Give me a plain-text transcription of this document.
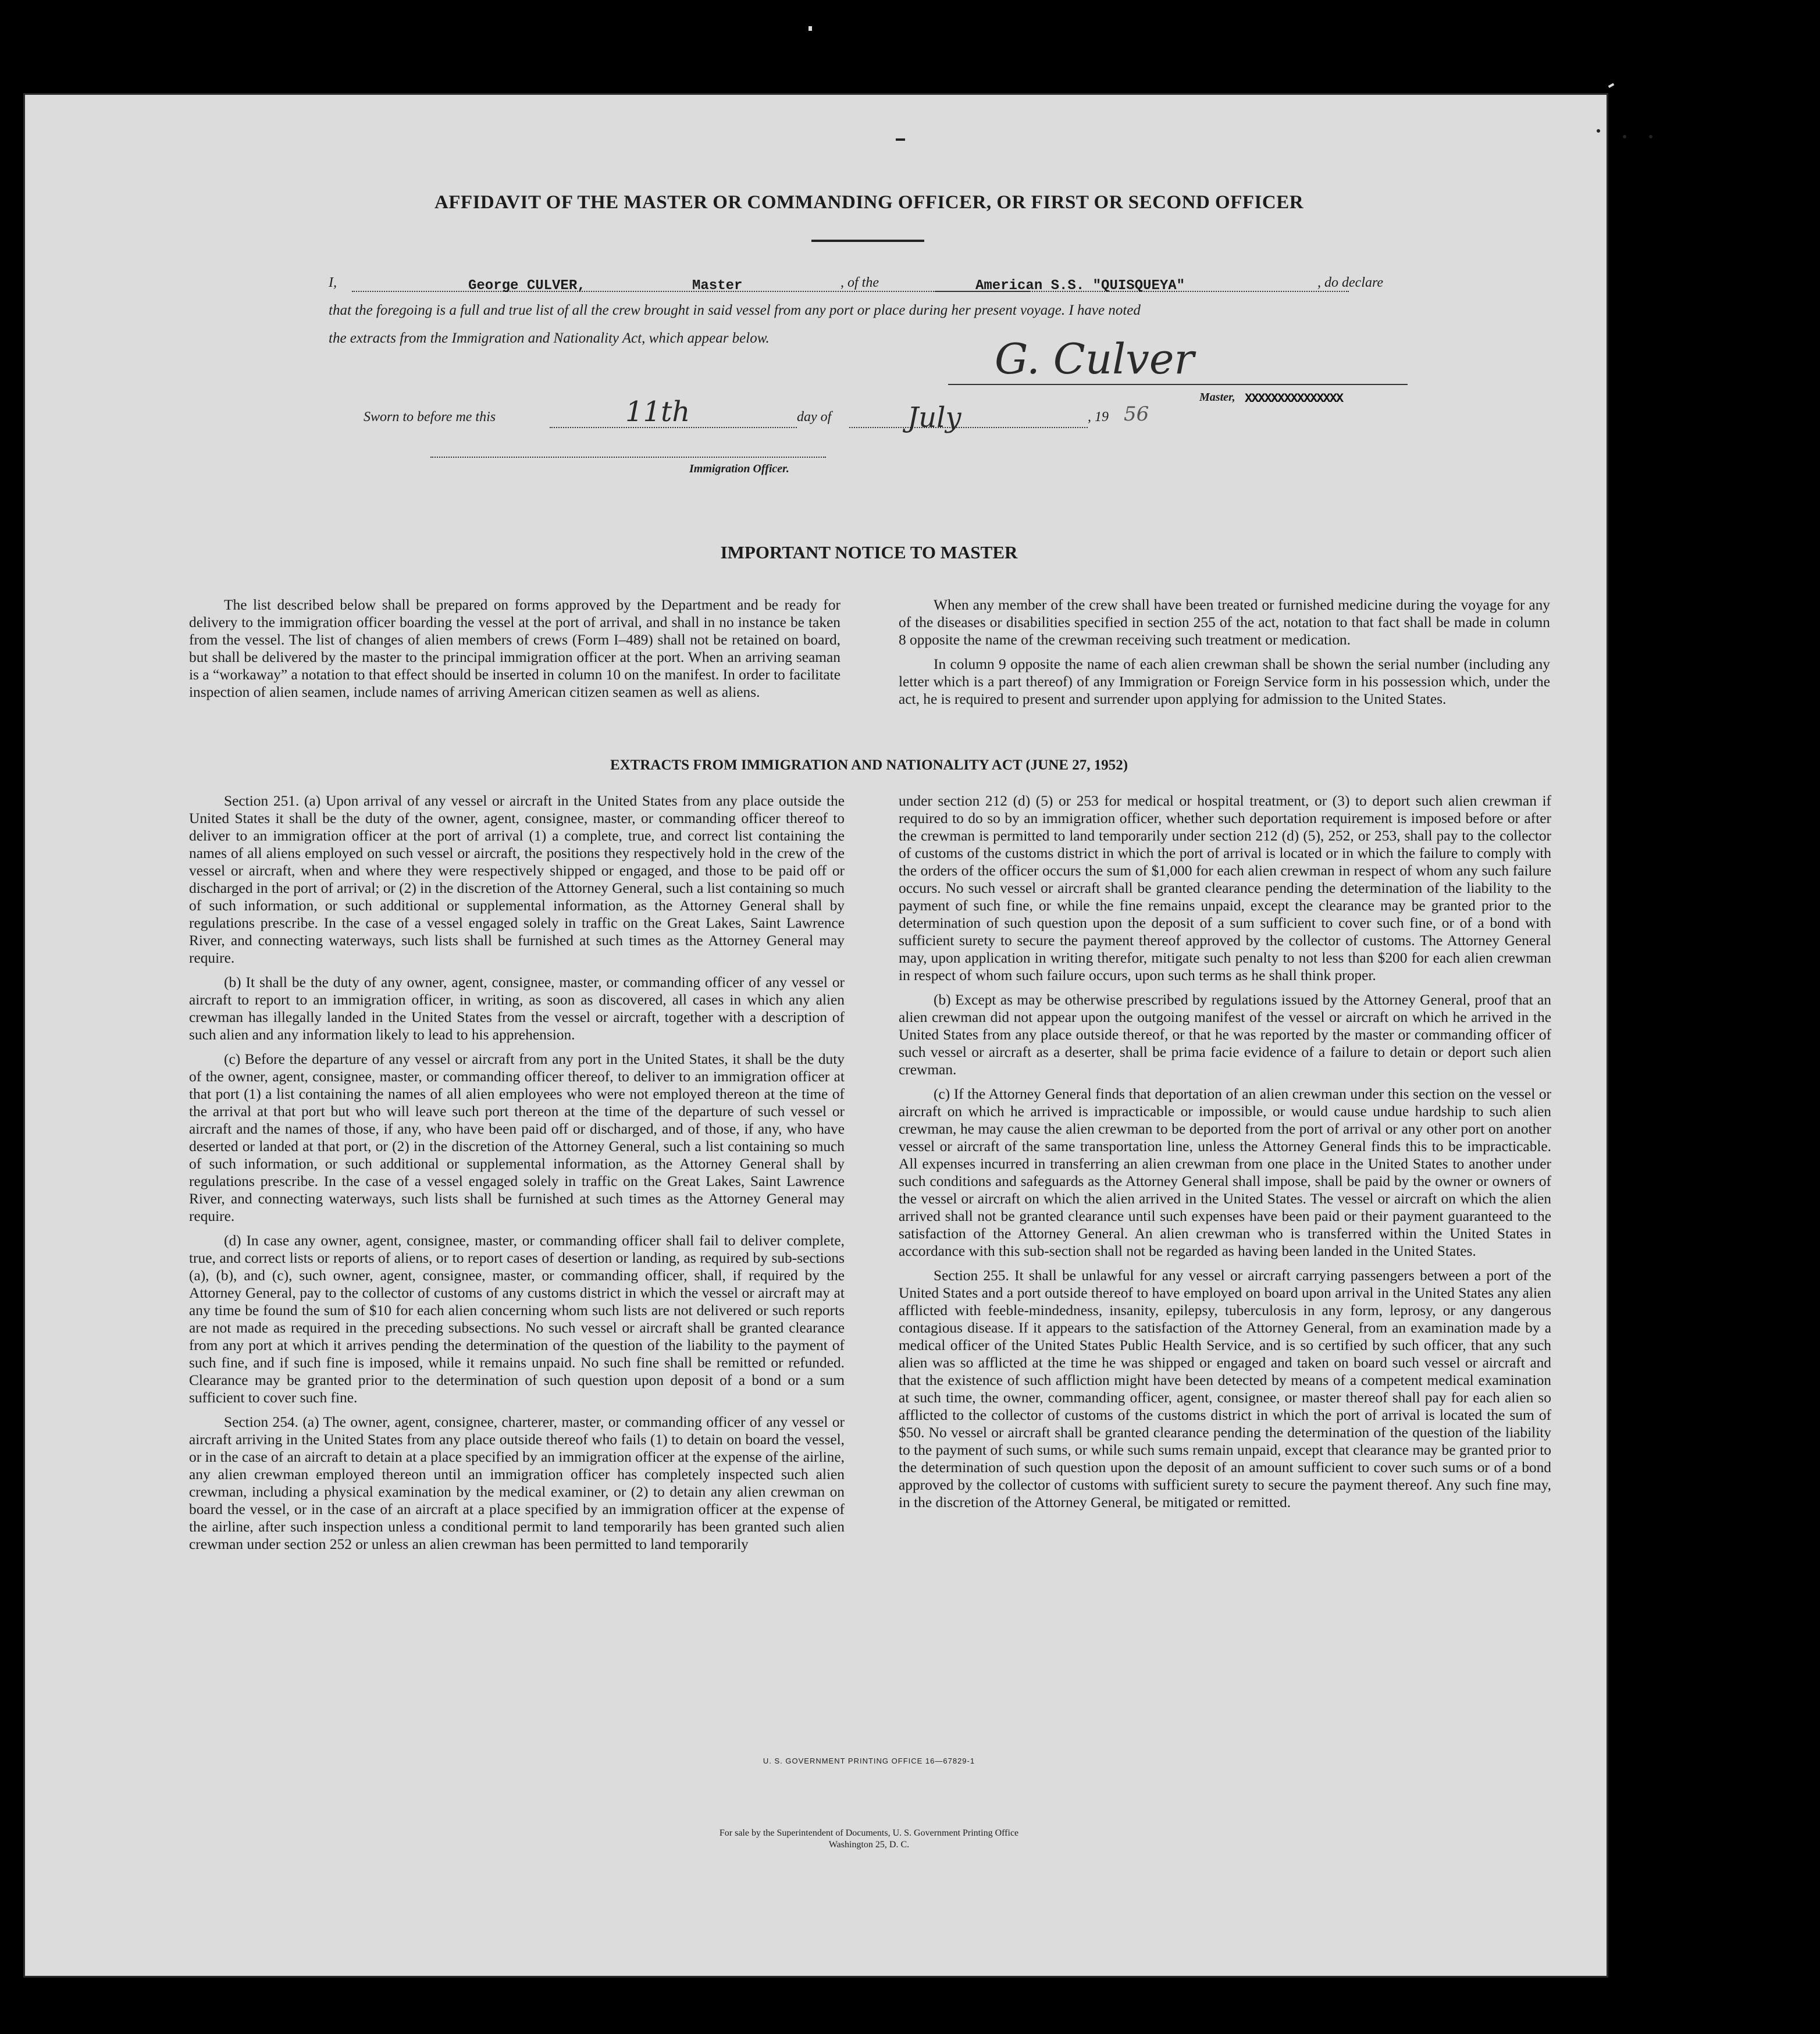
AFFIDAVIT OF THE MASTER OR COMMANDING OFFICER, OR FIRST OR SECOND OFFICER
I,	George CULVER,	Master	, of the	American S.S. "QUISQUEYA"	, do declare
that the foregoing is a full and true list of all the crew brought in said vessel from any port or place during her present voyage. I have noted
the extracts from the Immigration and Nationality Act, which appear below.	G. Culver
Master, XXXXXXXXXXXXXXX
Sworn to before me this	11th	day of	July	, 19 56
Immigration Officer.
IMPORTANT NOTICE TO MASTER

The list described below shall be prepared on forms approved by the Department and be ready for delivery to the immigration officer boarding the vessel at the port of arrival, and shall in no instance be taken from the vessel. The list of changes of alien members of crews (Form I–489) shall not be retained on board, but shall be delivered by the master to the principal immigration officer at the port. When an arriving seaman is a “workaway” a notation to that effect should be inserted in column 10 on the manifest. In order to facilitate inspection of alien seamen, include names of arriving American citizen seamen as well as aliens.

When any member of the crew shall have been treated or furnished medicine during the voyage for any of the diseases or disabilities specified in section 255 of the act, notation to that fact shall be made in column 8 opposite the name of the crewman receiving such treatment or medication.

In column 9 opposite the name of each alien crewman shall be shown the serial number (including any letter which is a part thereof) of any Immigration or Foreign Service form in his possession which, under the act, he is required to present and surrender upon applying for admission to the United States.

EXTRACTS FROM IMMIGRATION AND NATIONALITY ACT (JUNE 27, 1952)

Section 251. (a) Upon arrival of any vessel or aircraft in the United States from any place outside the United States it shall be the duty of the owner, agent, consignee, master, or commanding officer thereof to deliver to an immigration officer at the port of arrival (1) a complete, true, and correct list containing the names of all aliens employed on such vessel or aircraft, the positions they respectively hold in the crew of the vessel or aircraft, when and where they were respectively shipped or engaged, and those to be paid off or discharged in the port of arrival; or (2) in the discretion of the Attorney General, such a list containing so much of such information, or such additional or supplemental information, as the Attorney General shall by regulations prescribe. In the case of a vessel engaged solely in traffic on the Great Lakes, Saint Lawrence River, and connecting waterways, such lists shall be furnished at such times as the Attorney General may require.

(b) It shall be the duty of any owner, agent, consignee, master, or commanding officer of any vessel or aircraft to report to an immigration officer, in writing, as soon as discovered, all cases in which any alien crewman has illegally landed in the United States from the vessel or aircraft, together with a description of such alien and any information likely to lead to his apprehension.

(c) Before the departure of any vessel or aircraft from any port in the United States, it shall be the duty of the owner, agent, consignee, master, or commanding officer thereof, to deliver to an immigration officer at that port (1) a list containing the names of all alien employees who were not employed thereon at the time of the arrival at that port but who will leave such port thereon at the time of the departure of such vessel or aircraft and the names of those, if any, who have been paid off or discharged, and of those, if any, who have deserted or landed at that port, or (2) in the discretion of the Attorney General, such a list containing so much of such information, or such additional or supplemental information, as the Attorney General shall by regulations prescribe. In the case of a vessel engaged solely in traffic on the Great Lakes, Saint Lawrence River, and connecting waterways, such lists shall be furnished at such times as the Attorney General may require.

(d) In case any owner, agent, consignee, master, or commanding officer shall fail to deliver complete, true, and correct lists or reports of aliens, or to report cases of desertion or landing, as required by sub-sections (a), (b), and (c), such owner, agent, consignee, master, or commanding officer, shall, if required by the Attorney General, pay to the collector of customs of any customs district in which the vessel or aircraft may at any time be found the sum of $10 for each alien concerning whom such lists are not delivered or such reports are not made as required in the preceding subsections. No such vessel or aircraft shall be granted clearance from any port at which it arrives pending the determination of the question of the liability to the payment of such fine, and if such fine is imposed, while it remains unpaid. No such fine shall be remitted or refunded. Clearance may be granted prior to the determination of such question upon deposit of a bond or a sum sufficient to cover such fine.

Section 254. (a) The owner, agent, consignee, charterer, master, or commanding officer of any vessel or aircraft arriving in the United States from any place outside thereof who fails (1) to detain on board the vessel, or in the case of an aircraft to detain at a place specified by an immigration officer at the expense of the airline, any alien crewman employed thereon until an immigration officer has completely inspected such alien crewman, including a physical examination by the medical examiner, or (2) to detain any alien crewman on board the vessel, or in the case of an aircraft at a place specified by an immigration officer at the expense of the airline, after such inspection unless a conditional permit to land temporarily has been granted such alien crewman under section 252 or unless an alien crewman has been permitted to land temporarily

under section 212 (d) (5) or 253 for medical or hospital treatment, or (3) to deport such alien crewman if required to do so by an immigration officer, whether such deportation requirement is imposed before or after the crewman is permitted to land temporarily under section 212 (d) (5), 252, or 253, shall pay to the collector of customs of the customs district in which the port of arrival is located or in which the failure to comply with the orders of the officer occurs the sum of $1,000 for each alien crewman in respect of whom any such failure occurs. No such vessel or aircraft shall be granted clearance pending the determination of the liability to the payment of such fine, or while the fine remains unpaid, except the clearance may be granted prior to the determination of such question upon the deposit of a sum sufficient to cover such fine, or of a bond with sufficient surety to secure the payment thereof approved by the collector of customs. The Attorney General may, upon application in writing therefor, mitigate such penalty to not less than $200 for each alien crewman in respect of whom such failure occurs, upon such terms as he shall think proper.

(b) Except as may be otherwise prescribed by regulations issued by the Attorney General, proof that an alien crewman did not appear upon the outgoing manifest of the vessel or aircraft on which he arrived in the United States from any place outside thereof, or that he was reported by the master or commanding officer of such vessel or aircraft as a deserter, shall be prima facie evidence of a failure to detain or deport such alien crewman.

(c) If the Attorney General finds that deportation of an alien crewman under this section on the vessel or aircraft on which he arrived is impracticable or impossible, or would cause undue hardship to such alien crewman, he may cause the alien crewman to be deported from the port of arrival or any other port on another vessel or aircraft of the same transportation line, unless the Attorney General finds this to be impracticable. All expenses incurred in transferring an alien crewman from one place in the United States to another under such conditions and safeguards as the Attorney General shall impose, shall be paid by the owner or owners of the vessel or aircraft on which the alien arrived in the United States. The vessel or aircraft on which the alien arrived shall not be granted clearance until such expenses have been paid or their payment guaranteed to the satisfaction of the Attorney General. An alien crewman who is transferred within the United States in accordance with this sub-section shall not be regarded as having been landed in the United States.

Section 255. It shall be unlawful for any vessel or aircraft carrying passengers between a port of the United States and a port outside thereof to have employed on board upon arrival in the United States any alien afflicted with feeble-mindedness, insanity, epilepsy, tuberculosis in any form, leprosy, or any dangerous contagious disease. If it appears to the satisfaction of the Attorney General, from an examination made by a medical officer of the United States Public Health Service, and is so certified by such officer, that any such alien was so afflicted at the time he was shipped or engaged and taken on board such vessel or aircraft and that the existence of such affliction might have been detected by means of a competent medical examination at such time, the owner, commanding officer, agent, consignee, or master thereof shall pay for each alien so afflicted to the collector of customs of the customs district in which the port of arrival is located the sum of $50. No vessel or aircraft shall be granted clearance pending the determination of the question of the liability to the payment of such sums, or while such sums remain unpaid, except that clearance may be granted prior to the determination of such question upon the deposit of an amount sufficient to cover such sums or of a bond approved by the collector of customs with sufficient surety to secure the payment thereof. Any such fine may, in the discretion of the Attorney General, be mitigated or remitted.

U. S. GOVERNMENT PRINTING OFFICE 16—67829-1
For sale by the Superintendent of Documents, U. S. Government Printing Office
Washington 25, D. C.
